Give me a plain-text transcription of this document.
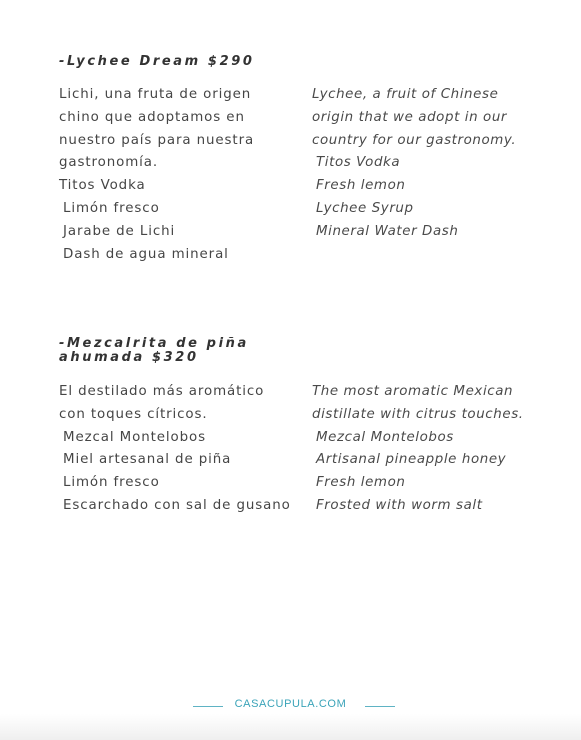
-Lychee Dream $290
Lichi, una fruta de origen
chino que adoptamos en
nuestro país para nuestra
gastronomía.
Titos Vodka
Limón fresco
Jarabe de Lichi
Dash de agua mineral
Lychee, a fruit of Chinese
origin that we adopt in our
country for our gastronomy.
Titos Vodka
Fresh lemon
Lychee Syrup
Mineral Water Dash
-Mezcalrita de piña ahumada $320
El destilado más aromático
con toques cítricos.
Mezcal Montelobos
Miel artesanal de piña
Limón fresco
Escarchado con sal de gusano
The most aromatic Mexican
distillate with citrus touches.
Mezcal Montelobos
Artisanal pineapple honey
Fresh lemon
Frosted with worm salt
CASACUPULA.COM
